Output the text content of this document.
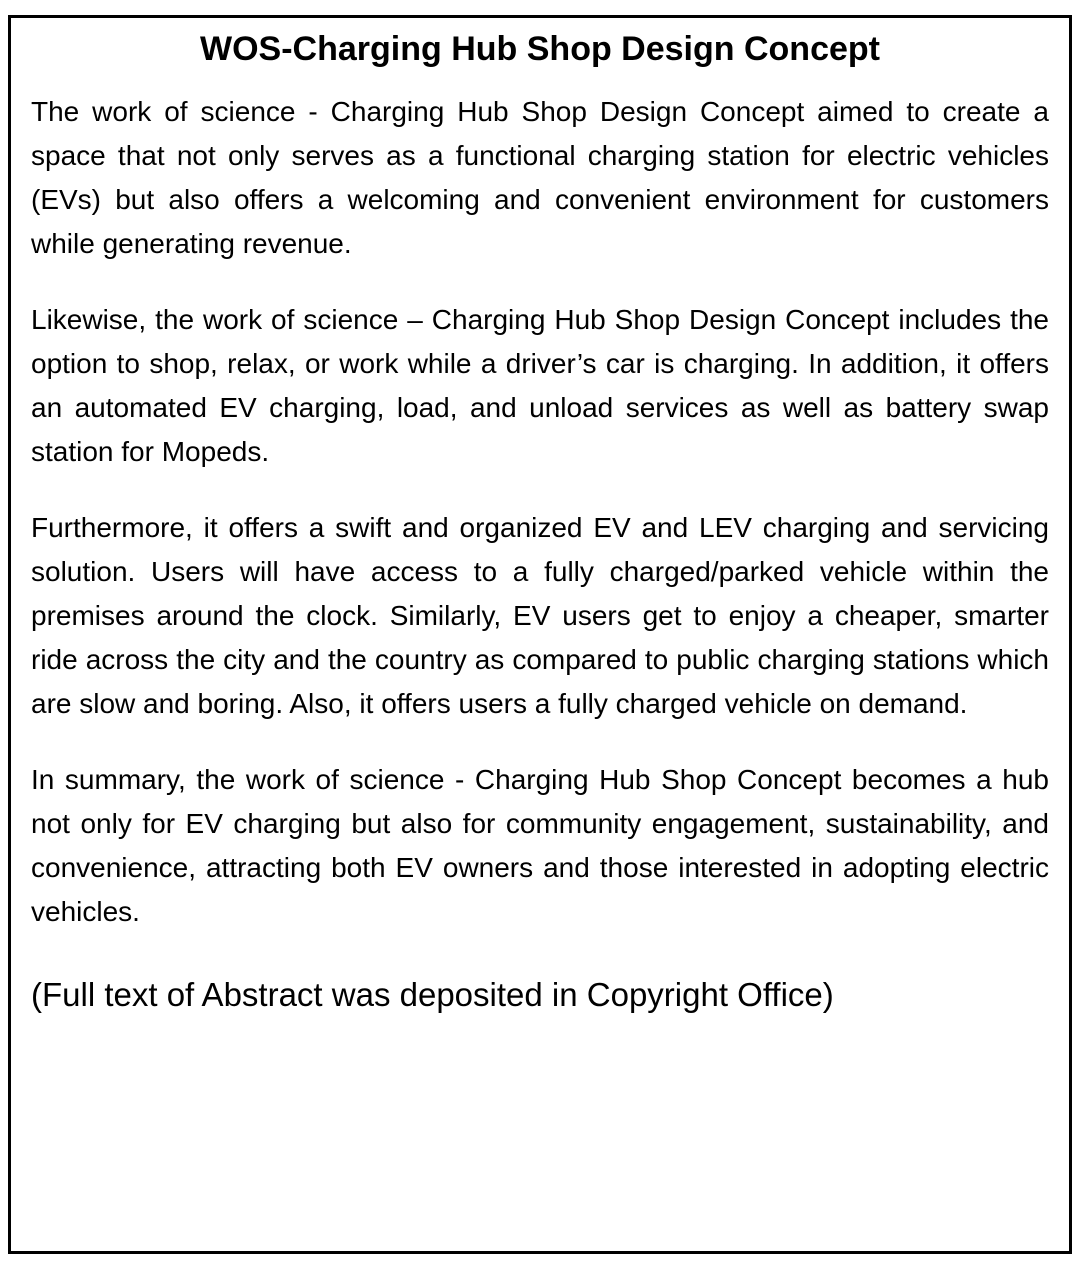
WOS-Charging Hub Shop Design Concept

The work of science - Charging Hub Shop Design Concept aimed to create a space that not only serves as a functional charging station for electric vehicles (EVs) but also offers a welcoming and convenient environment for customers while generating revenue.

Likewise, the work of science – Charging Hub Shop Design Concept includes the option to shop, relax, or work while a driver’s car is charging. In addition, it offers an automated EV charging, load, and unload services as well as battery swap station for Mopeds.

Furthermore, it offers a swift and organized EV and LEV charging and servicing solution. Users will have access to a fully charged/parked vehicle within the premises around the clock. Similarly, EV users get to enjoy a cheaper, smarter ride across the city and the country as compared to public charging stations which are slow and boring. Also, it offers users a fully charged vehicle on demand.

In summary, the work of science - Charging Hub Shop Concept becomes a hub not only for EV charging but also for community engagement, sustainability, and convenience, attracting both EV owners and those interested in adopting electric vehicles.

(Full text of Abstract was deposited in Copyright Office)
